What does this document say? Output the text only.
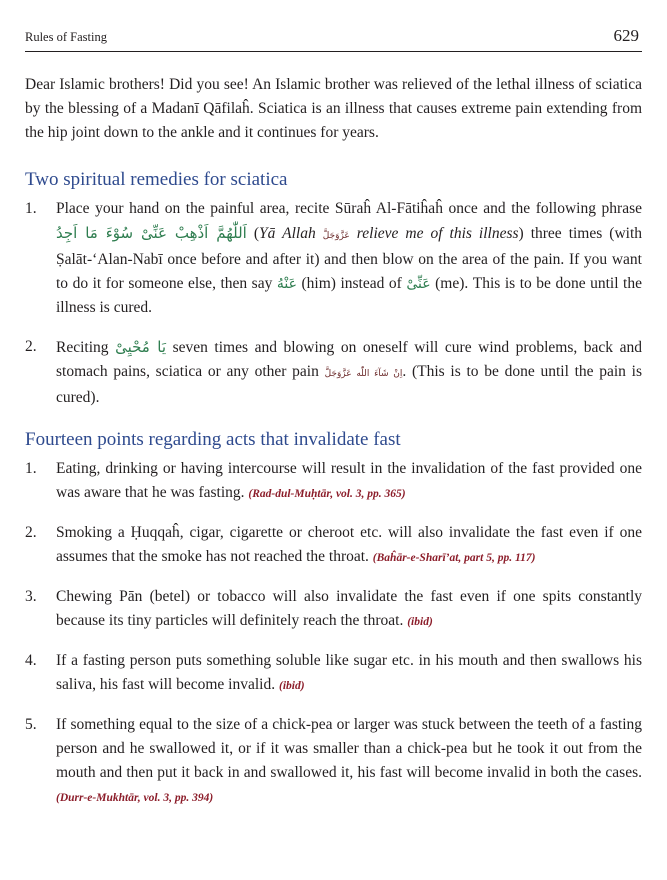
Rules of Fasting	629

Dear Islamic brothers! Did you see! An Islamic brother was relieved of the lethal illness of sciatica by the blessing of a Madanī Qāfilaĥ. Sciatica is an illness that causes extreme pain extending from the hip joint down to the ankle and it continues for years.

Two spiritual remedies for sciatica
1. Place your hand on the painful area, recite Sūraĥ Al-Fātiĥaĥ once and the following phrase اَللّٰهُمَّ اَذْهِبْ عَنِّیْ سُوْءَ مَا اَجِدُ (Yā Allah عَزَّوَجَلَّ relieve me of this illness) three times (with Ṣalāt-‘Alan-Nabī once before and after it) and then blow on the area of the pain. If you want to do it for someone else, then say عَنْهُ (him) instead of عَنِّیْ (me). This is to be done until the illness is cured.
2. Reciting يَا مُحْيِیْ seven times and blowing on oneself will cure wind problems, back and stomach pains, sciatica or any other pain اِنْ شَآءَ اللّٰه عَزَّوَجَلَّ. (This is to be done until the pain is cured).
Fourteen points regarding acts that invalidate fast
1. Eating, drinking or having intercourse will result in the invalidation of the fast provided one was aware that he was fasting. (Rad-dul-Muḥtār, vol. 3, pp. 365)
2. Smoking a Ḥuqqaĥ, cigar, cigarette or cheroot etc. will also invalidate the fast even if one assumes that the smoke has not reached the throat. (Baĥār-e-Sharī’at, part 5, pp. 117)
3. Chewing Pān (betel) or tobacco will also invalidate the fast even if one spits constantly because its tiny particles will definitely reach the throat. (ibid)
4. If a fasting person puts something soluble like sugar etc. in his mouth and then swallows his saliva, his fast will become invalid. (ibid)
5. If something equal to the size of a chick-pea or larger was stuck between the teeth of a fasting person and he swallowed it, or if it was smaller than a chick-pea but he took it out from the mouth and then put it back in and swallowed it, his fast will become invalid in both the cases. (Durr-e-Mukhtār, vol. 3, pp. 394)
